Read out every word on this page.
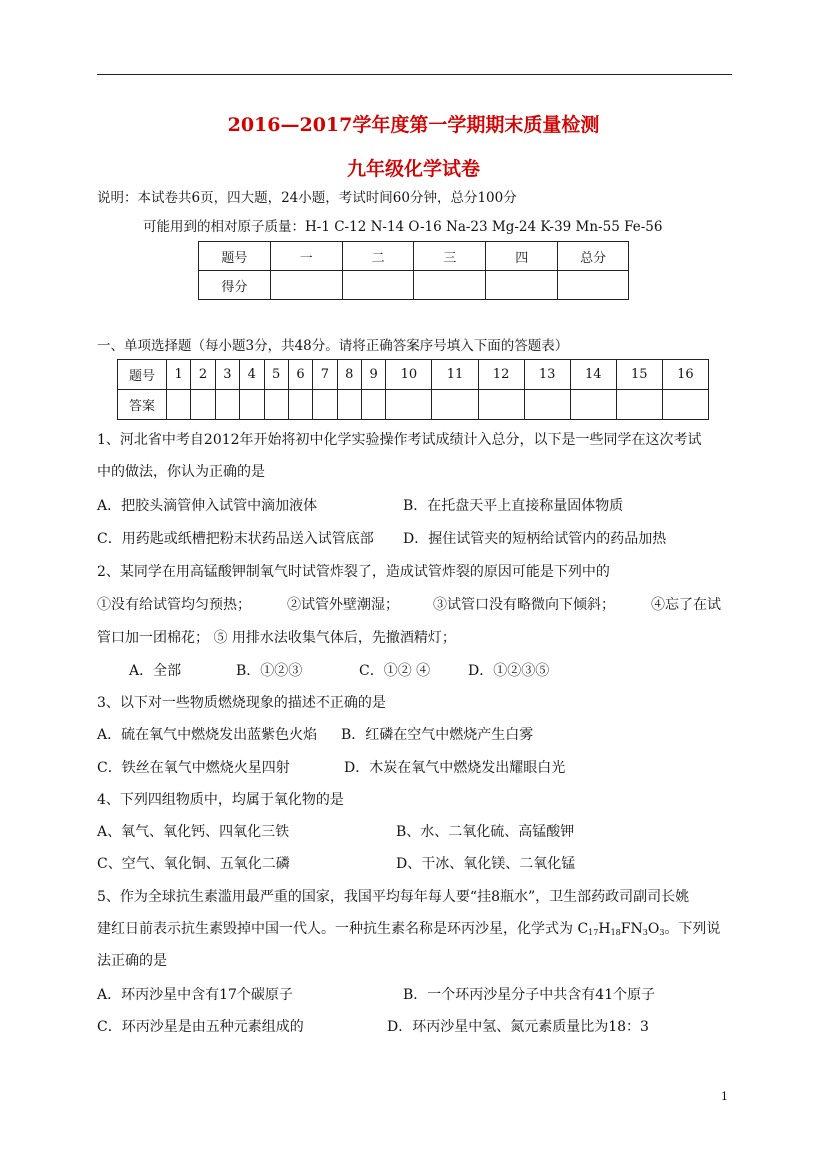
2016—2017学年度第一学期期末质量检测
九年级化学试卷
说明：本试卷共6页，四大题，24小题，考试时间60分钟，总分100分
可能用到的相对原子质量：H-1 C-12 N-14 O-16 Na-23 Mg-24 K-39 Mn-55 Fe-56
题号	一	二	三	四	总分
得分					
一、单项选择题（每小题3分，共48分。请将正确答案序号填入下面的答题表）
题号	1	2	3	4	5	6	7	8	9	10	11	12	13	14	15	16
答案																
1、河北省中考自2012年开始将初中化学实验操作考试成绩计入总分，以下是一些同学在这次考试
中的做法，你认为正确的是
A．把胶头滴管伸入试管中滴加液体	B．在托盘天平上直接称量固体物质
C．用药匙或纸槽把粉末状药品送入试管底部 D．握住试管夹的短柄给试管内的药品加热
2、某同学在用高锰酸钾制氧气时试管炸裂了，造成试管炸裂的原因可能是下列中的
①没有给试管均匀预热；	②试管外壁潮湿； ③试管口没有略微向下倾斜；	④忘了在试
管口加一团棉花； ⑤ 用排水法收集气体后，先撤酒精灯；
A．全部	B．①②③	C．①② ④	D．①②③⑤
3、以下对一些物质燃烧现象的描述不正确的是
A．硫在氧气中燃烧发出蓝紫色火焰 B．红磷在空气中燃烧产生白雾
C．铁丝在氧气中燃烧火星四射	D．木炭在氧气中燃烧发出耀眼白光
4、下列四组物质中，均属于氧化物的是
A、氧气、氧化钙、四氧化三铁	B、水、二氧化硫、高锰酸钾
C、空气、氧化铜、五氧化二磷	D、干冰、氧化镁、二氧化锰
5、作为全球抗生素滥用最严重的国家，我国平均每年每人要“挂8瓶水”，卫生部药政司副司长姚
建红日前表示抗生素毁掉中国一代人。一种抗生素名称是环丙沙星，化学式为 $C_{17}H_{18}FN_3O_3$。下列说
法正确的是
A．环丙沙星中含有17个碳原子	B．一个环丙沙星分子中共含有41个原子
C．环丙沙星是由五种元素组成的	D．环丙沙星中氢、氮元素质量比为18：3
1
